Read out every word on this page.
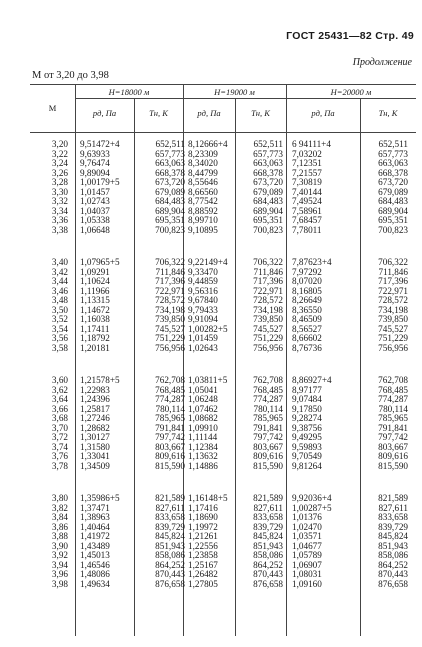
ГОСТ 25431—82 Стр. 49
Продолжение
M от 3,20 до 3,98
M
H=18000 м	H=19000 м	H=20000 м
pд, Па	Tн, К	pд, Па	Tн, К	pд, Па	Tн, К
3,20 9,51472+4	652,511 8,12666+4	652,511 6 94111+4	652,511
3,22 9,63933	657,773 8,23309	657,773 7,03202	657,773
3,24 9,76474	663,063 8,34020	663,063 7,12351	663,063
3,26 9,89094	668,378 8,44799	668,378 7,21557	668,378
3,28 1,00179+5	673,720 8,55646	673,720 7,30819	673,720
3,30 1,01457	679,089 8,66560	679,089 7,40144	679,089
3,32 1,02743	684,483 8,77542	684,483 7,49524	684,483
3,34 1,04037	689,904 8,88592	689,904 7,58961	689,904
3,36 1,05338	695,351 8,99710	695,351 7,68457	695,351
3,38 1,06648	700,823 9,10895	700,823 7,78011	700,823
3,40 1,07965+5	706,322 9,22149+4	706,322 7,87623+4	706,322
3,42 1,09291	711,846 9,33470	711,846 7,97292	711,846
3,44 1,10624	717,396 9,44859	717,396 8,07020	717,396
3,46 1,11966	722,971 9,56316	722,971 8,16805	722,971
3,48 1,13315	728,572 9,67840	728,572 8,26649	728,572
3,50 1,14672	734,198 9,79433	734,198 8,36550	734,198
3,52 1,16038	739,850 9,91094	739,850 8,46509	739,850
3,54 1,17411	745,527 1,00282+5	745,527 8,56527	745,527
3,56 1,18792	751,229 1,01459	751,229 8,66602	751,229
3,58 1,20181	756,956 1,02643	756,956 8,76736	756,956
3,60 1,21578+5	762,708 1,03811+5	762,708 8,86927+4	762,708
3,62 1,22983	768,485 1,05041	768,485 8,97177	768,485
3,64 1,24396	774,287 1,06248	774,287 9,07484	774,287
3,66 1,25817	780,114 1,07462	780,114 9,17850	780,114
3,68 1,27246	785,965 1,08682	785,965 9,28274	785,965
3,70 1,28682	791,841 1,09910	791,841 9,38756	791,841
3,72 1,30127	797,742 1,11144	797,742 9,49295	797,742
3,74 1,31580	803,667 1,12384	803,667 9,59893	803,667
3,76 1,33041	809,616 1,13632	809,616 9,70549	809,616
3,78 1,34509	815,590 1,14886	815,590 9,81264	815,590
3,80 1,35986+5	821,589 1,16148+5	821,589 9,92036+4	821,589
3,82 1,37471	827,611 1,17416	827,611 1,00287+5	827,611
3,84 1,38963	833,658 1,18690	833,658 1,01376	833,658
3,86 1,40464	839,729 1,19972	839,729 1,02470	839,729
3,88 1,41972	845,824 1,21261	845,824 1,03571	845,824
3,90 1,43489	851,943 1,22556	851,943 1,04677	851,943
3,92 1,45013	858,086 1,23858	858,086 1,05789	858,086
3,94 1,46546	864,252 1,25167	864,252 1,06907	864,252
3,96 1,48086	870,443 1,26482	870,443 1,08031	870,443
3,98 1,49634	876,658 1,27805	876,658 1,09160	876,658
